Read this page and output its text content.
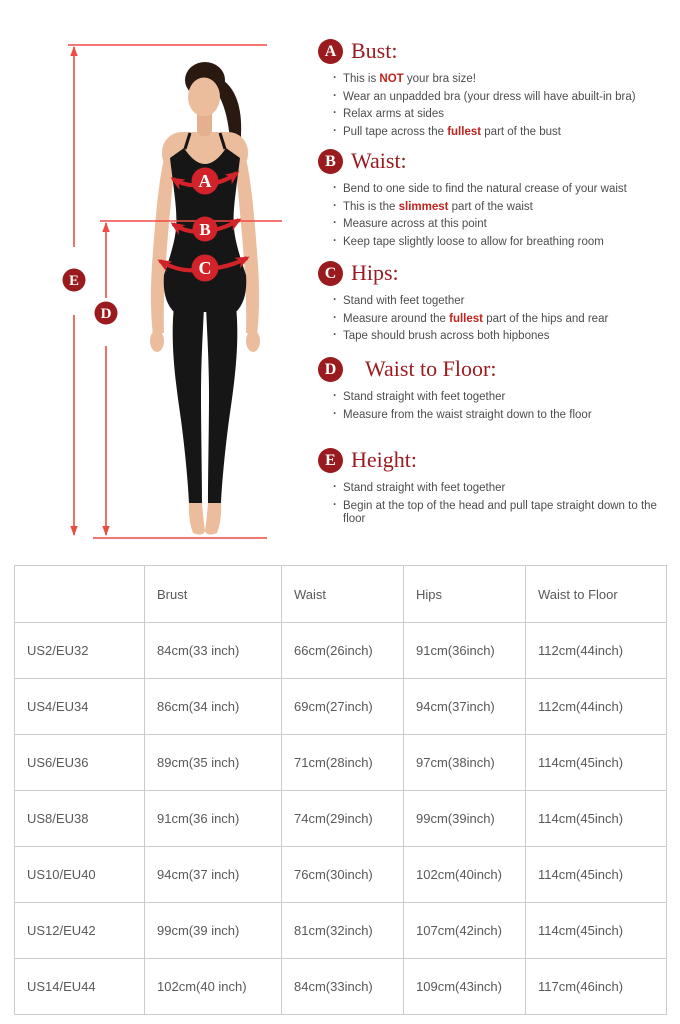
A
B
C
E
D
A Bust:
· This is NOT your bra size!
· Wear an unpadded bra (your dress will have abuilt-in bra)
· Relax arms at sides
· Pull tape across the fullest part of the bust
B Waist:
· Bend to one side to find the natural crease of your waist
· This is the slimmest part of the waist
· Measure across at this point
· Keep tape slightly loose to allow for breathing room
C Hips:
· Stand with feet together
· Measure around the fullest part of the hips and rear
· Tape should brush across both hipbones
D	Waist to Floor:
· Stand straight with feet together
· Measure from the waist straight down to the floor
E Height:
· Stand straight with feet together
· Begin at the top of the head and pull tape straight down to the floor
	Brust	Waist	Hips	Waist to Floor
US2/EU32	84cm(33 inch)	66cm(26inch)	91cm(36inch)	112cm(44inch)
US4/EU34	86cm(34 inch)	69cm(27inch)	94cm(37inch)	112cm(44inch)
US6/EU36	89cm(35 inch)	71cm(28inch)	97cm(38inch)	114cm(45inch)
US8/EU38	91cm(36 inch)	74cm(29inch)	99cm(39inch)	114cm(45inch)
US10/EU40	94cm(37 inch)	76cm(30inch)	102cm(40inch)	114cm(45inch)
US12/EU42	99cm(39 inch)	81cm(32inch)	107cm(42inch)	114cm(45inch)
US14/EU44	102cm(40 inch)	84cm(33inch)	109cm(43inch)	117cm(46inch)
